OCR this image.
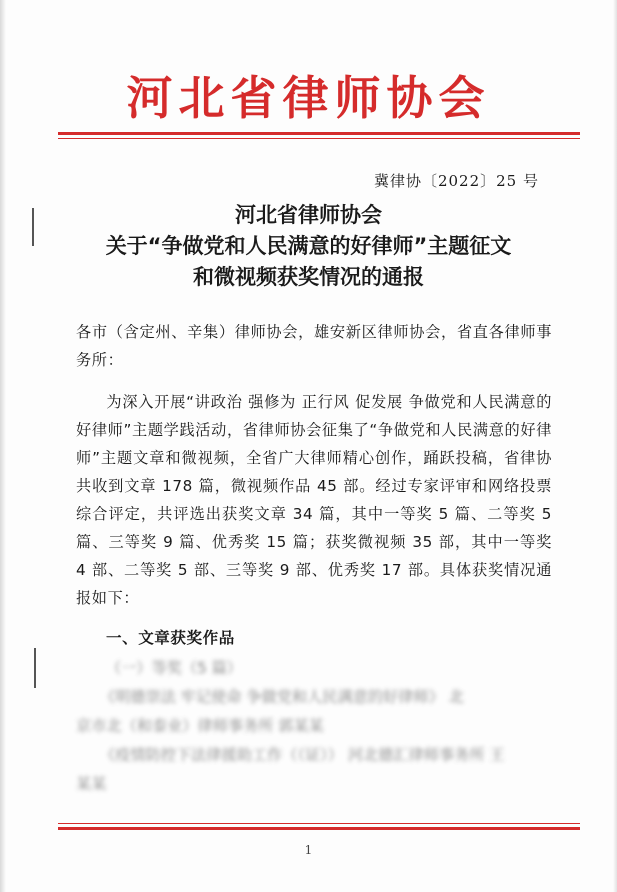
河北省律师协会
冀律协〔2022〕25 号
河北省律师协会
关于“争做党和人民满意的好律师”主题征文
和微视频获奖情况的通报
各市（含定州、辛集）律师协会，雄安新区律师协会，省直各律师事务所：
为深入开展“讲政治 强修为 正行风 促发展 争做党和人民满意的好律师”主题学践活动，省律师协会征集了“争做党和人民满意的好律师”主题文章和微视频，全省广大律师精心创作，踊跃投稿，省律协共收到文章 178 篇，微视频作品 45 部。经过专家评审和网络投票综合评定，共评选出获奖文章 34 篇，其中一等奖 5 篇、二等奖 5 篇、三等奖 9 篇、优秀奖 15 篇；获奖微视频 35 部，其中一等奖 4 部、二等奖 5 部、三等奖 9 部、优秀奖 17 部。具体获奖情况通报如下：
一、文章获奖作品
（一）等奖（5 篇）
《明德崇法 牢记使命 争做党和人民满意的好律师》 北
京市北（和泰业）律师事务所 郭某某
《疫情防控下法律援助工作（（证）） 河北德汇律师事务所 王
某某
1
